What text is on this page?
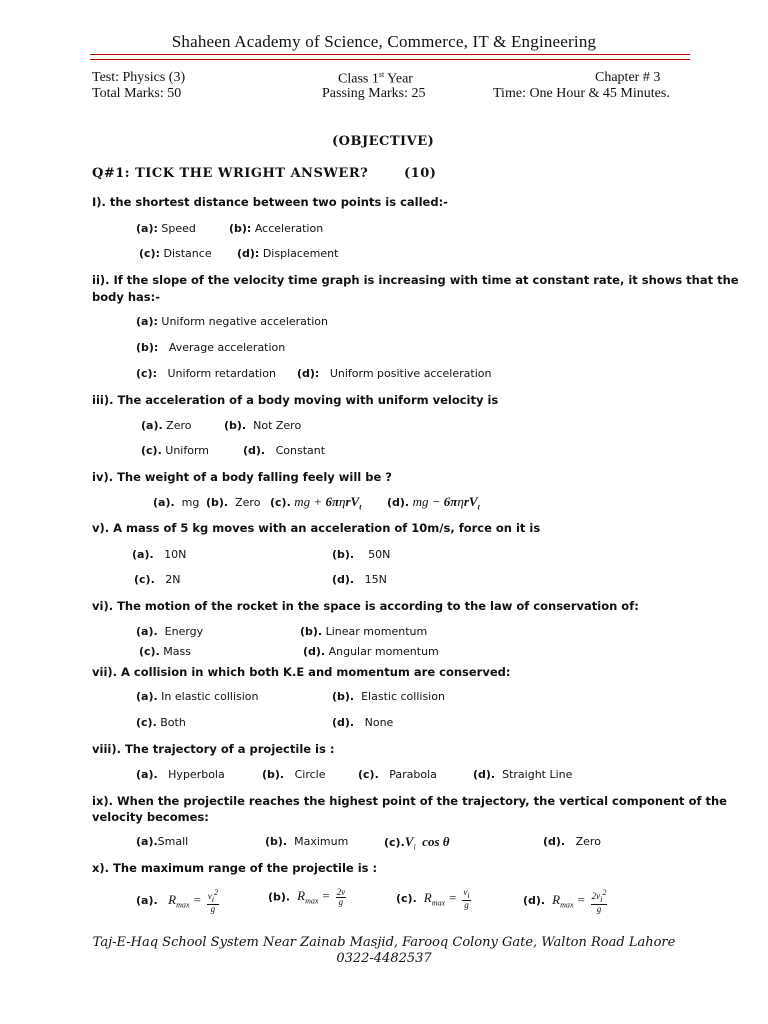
Shaheen Academy of Science, Commerce, IT & Engineering
Test: Physics (3)	Class 1st Year	Chapter # 3
Total Marks: 50	Passing Marks: 25	Time: One Hour & 45 Minutes.
(OBJECTIVE)
Q#1: TICK THE WRIGHT ANSWER?	(10)
I). the shortest distance between two points is called:-
(a): Speed	(b): Acceleration
(c): Distance (d): Displacement
ii). If the slope of the velocity time graph is increasing with time at constant rate, it shows that the
body has:-
(a): Uniform negative acceleration
(b): Average acceleration
(c): Uniform retardation (d): Uniform positive acceleration
iii). The acceleration of a body moving with uniform velocity is
(a). Zero	(b). Not Zero
(c). Uniform	(d). Constant
iv). The weight of a body falling feely will be ?
(a). mg (b). Zero (c). mg + 6πηrV$_t$ (d). mg − 6πηrV$_t$
v). A mass of 5 kg moves with an acceleration of 10m/s, force on it is
(a). 10N	(b). 50N
(c). 2N	(d). 15N
vi). The motion of the rocket in the space is according to the law of conservation of:
(a). Energy	(b). Linear momentum
(c). Mass	(d). Angular momentum
vii). A collision in which both K.E and momentum are conserved:
(a). In elastic collision	(b). Elastic collision
(c). Both	(d). None
viii). The trajectory of a projectile is :
(a). Hyperbola	(b). Circle	(c). Parabola	(d). Straight Line
ix). When the projectile reaches the highest point of the trajectory, the vertical component of the
velocity becomes:
(a).Small	(b). Maximum	$(c).V_i$ cos θ	(d). Zero
x). The maximum range of the projectile is :
(a). $R_{max} = \frac{v_i^2}{g}$	(b). $R_{max} = \frac{2v}{g}$	(c). $R_{max} = \frac{v_i}{g}$	(d). $R_{max} = \frac{2v_i^2}{g}$
Taj-E-Haq School System Near Zainab Masjid, Farooq Colony Gate, Walton Road Lahore
0322-4482537
